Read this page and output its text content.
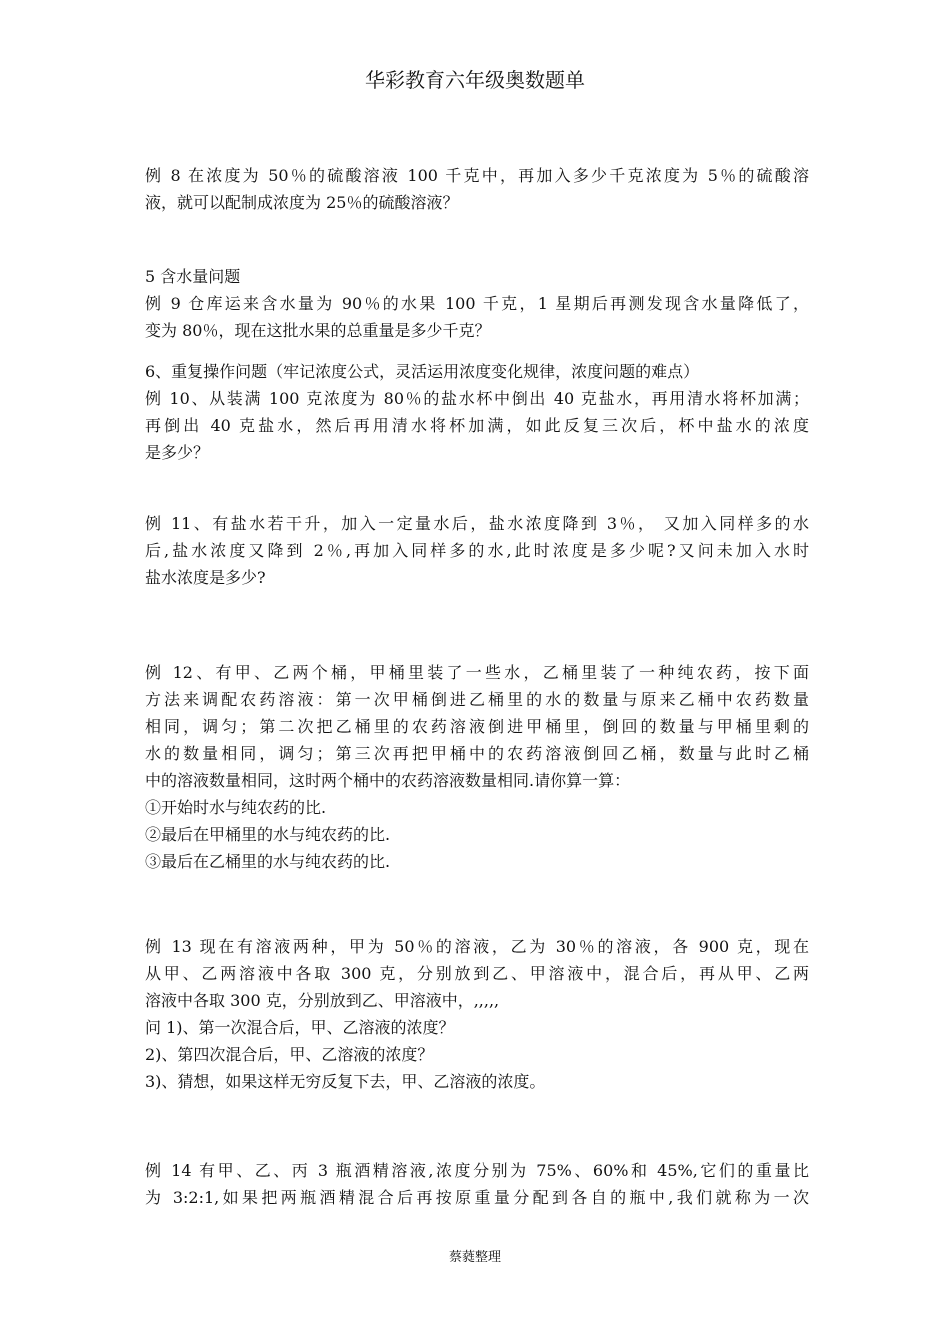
华彩教育六年级奥数题单
例 8 在浓度为 50％的硫酸溶液 100 千克中，再加入多少千克浓度为 5％的硫酸溶
液，就可以配制成浓度为 25％的硫酸溶液？
5 含水量问题
例 9 仓库运来含水量为 90％的水果 100 千克，1 星期后再测发现含水量降低了，
变为 80％，现在这批水果的总重量是多少千克？
6、重复操作问题（牢记浓度公式，灵活运用浓度变化规律，浓度问题的难点）
例 10、从装满 100 克浓度为 80％的盐水杯中倒出 40 克盐水，再用清水将杯加满；
再倒出 40 克盐水，然后再用清水将杯加满，如此反复三次后，杯中盐水的浓度
是多少？
例 11、有盐水若干升，加入一定量水后，盐水浓度降到 3％， 又加入同样多的水
后,盐水浓度又降到 2％,再加入同样多的水,此时浓度是多少呢?又问未加入水时
盐水浓度是多少?
例 12、有甲、乙两个桶，甲桶里装了一些水，乙桶里装了一种纯农药，按下面
方法来调配农药溶液：第一次甲桶倒进乙桶里的水的数量与原来乙桶中农药数量
相同，调匀；第二次把乙桶里的农药溶液倒进甲桶里，倒回的数量与甲桶里剩的
水的数量相同，调匀；第三次再把甲桶中的农药溶液倒回乙桶，数量与此时乙桶
中的溶液数量相同，这时两个桶中的农药溶液数量相同.请你算一算：
①开始时水与纯农药的比.
②最后在甲桶里的水与纯农药的比.
③最后在乙桶里的水与纯农药的比.
例 13 现在有溶液两种，甲为 50％的溶液，乙为 30％的溶液，各 900 克，现在
从甲、乙两溶液中各取 300 克，分别放到乙、甲溶液中，混合后，再从甲、乙两
溶液中各取 300 克，分别放到乙、甲溶液中，,,,,,
问 1)、第一次混合后，甲、乙溶液的浓度？
2)、第四次混合后，甲、乙溶液的浓度？
3)、猜想，如果这样无穷反复下去，甲、乙溶液的浓度。
例 14 有甲、乙、丙 3 瓶酒精溶液,浓度分别为 75%、60%和 45%,它们的重量比
为 3:2:1,如果把两瓶酒精混合后再按原重量分配到各自的瓶中,我们就称为一次
蔡蕤整理
